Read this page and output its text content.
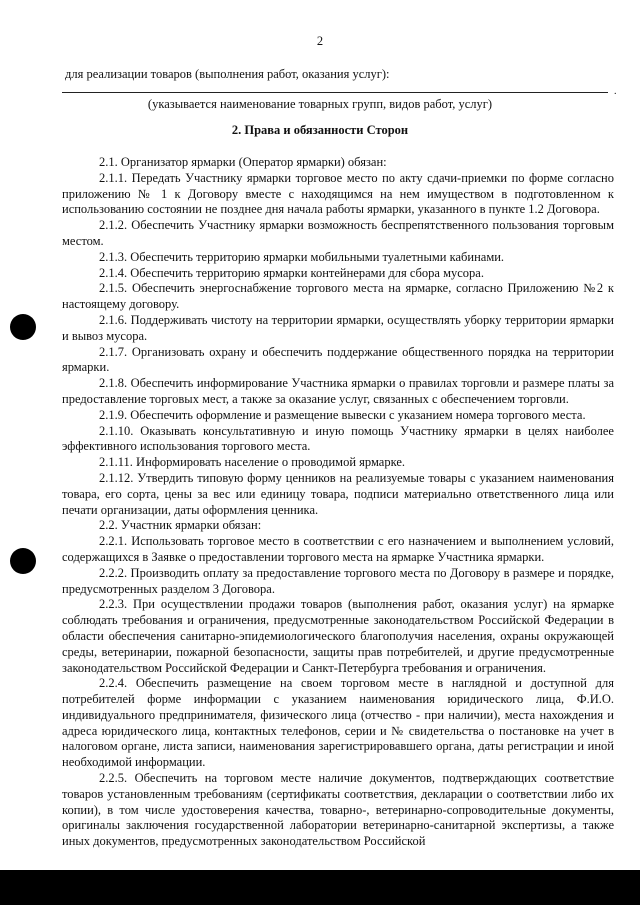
2
для реализации товаров (выполнения работ, оказания услуг):
.
(указывается наименование товарных групп, видов работ, услуг)
2. Права и обязанности Сторон

2.1. Организатор ярмарки (Оператор ярмарки) обязан:

2.1.1. Передать Участнику ярмарки торговое место по акту сдачи-приемки по форме согласно приложению № 1 к Договору вместе с находящимся на нем имуществом в подготовленном к использованию состоянии не позднее дня начала работы ярмарки, указанного в пункте 1.2 Договора.

2.1.2. Обеспечить Участнику ярмарки возможность беспрепятственного пользования торговым местом.

2.1.3. Обеспечить территорию ярмарки мобильными туалетными кабинами.

2.1.4. Обеспечить территорию ярмарки контейнерами для сбора мусора.

2.1.5. Обеспечить энергоснабжение торгового места на ярмарке, согласно Приложению №2 к настоящему договору.

2.1.6. Поддерживать чистоту на территории ярмарки, осуществлять уборку территории ярмарки и вывоз мусора.

2.1.7. Организовать охрану и обеспечить поддержание общественного порядка на территории ярмарки.

2.1.8. Обеспечить информирование Участника ярмарки о правилах торговли и размере платы за предоставление торговых мест, а также за оказание услуг, связанных с обеспечением торговли.

2.1.9. Обеспечить оформление и размещение вывески с указанием номера торгового места.

2.1.10. Оказывать консультативную и иную помощь Участнику ярмарки в целях наиболее эффективного использования торгового места.

2.1.11. Информировать население о проводимой ярмарке.

2.1.12. Утвердить типовую форму ценников на реализуемые товары с указанием наименования товара, его сорта, цены за вес или единицу товара, подписи материально ответственного лица или печати организации, даты оформления ценника.

2.2. Участник ярмарки обязан:

2.2.1. Использовать торговое место в соответствии с его назначением и выполнением условий, содержащихся в Заявке о предоставлении торгового места на ярмарке Участника ярмарки.

2.2.2. Производить оплату за предоставление торгового места по Договору в размере и порядке, предусмотренных разделом 3 Договора.

2.2.3. При осуществлении продажи товаров (выполнения работ, оказания услуг) на ярмарке соблюдать требования и ограничения, предусмотренные законодательством Российской Федерации в области обеспечения санитарно-эпидемиологического благополучия населения, охраны окружающей среды, ветеринарии, пожарной безопасности, защиты прав потребителей, и другие предусмотренные законодательством Российской Федерации и Санкт-Петербурга требования и ограничения.

2.2.4. Обеспечить размещение на своем торговом месте в наглядной и доступной для потребителей форме информации с указанием наименования юридического лица, Ф.И.О. индивидуального предпринимателя, физического лица (отчество - при наличии), места нахождения и адреса юридического лица, контактных телефонов, серии и № свидетельства о постановке на учет в налоговом органе, листа записи, наименования зарегистрировавшего органа, даты регистрации и иной необходимой информации.

2.2.5. Обеспечить на торговом месте наличие документов, подтверждающих соответствие товаров установленным требованиям (сертификаты соответствия, декларации о соответствии либо их копии), в том числе удостоверения качества, товарно-, ветеринарно-сопроводительные документы, оригиналы заключения государственной лаборатории ветеринарно-санитарной экспертизы, а также иных документов, предусмотренных законодательством Российской
